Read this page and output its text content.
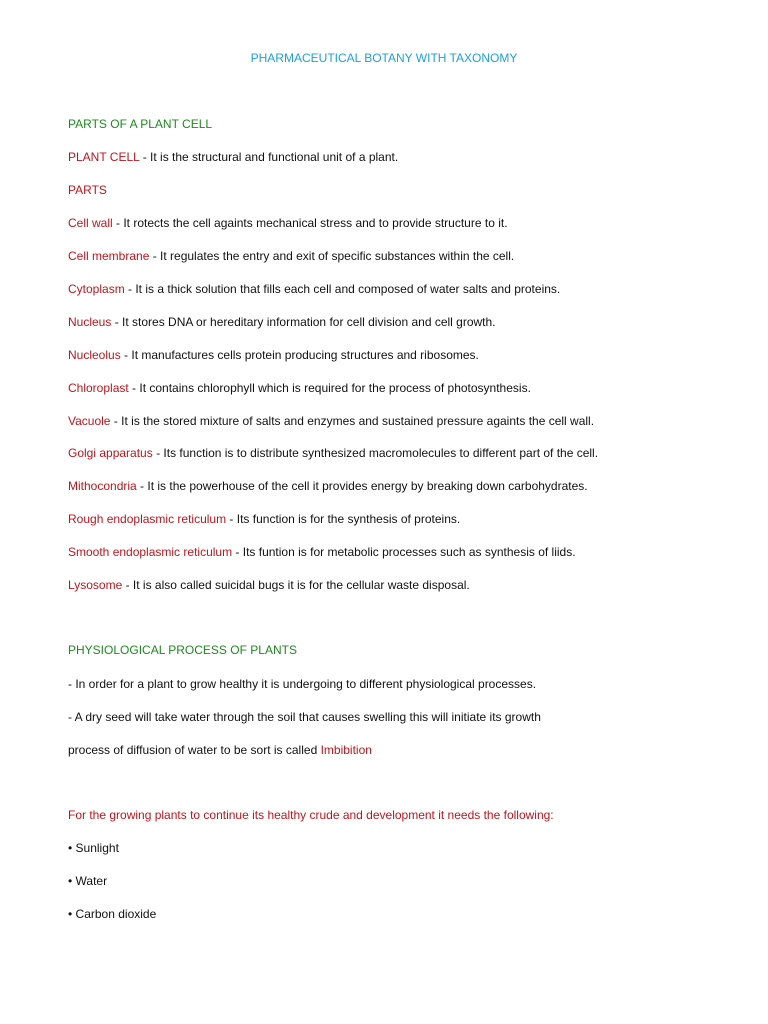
PHARMACEUTICAL BOTANY WITH TAXONOMY
PARTS OF A PLANT CELL
PLANT CELL - It is the structural and functional unit of a plant.
PARTS
Cell wall - It rotects the cell againts mechanical stress and to provide structure to it.
Cell membrane - It regulates the entry and exit of specific substances within the cell.
Cytoplasm - It is a thick solution that fills each cell and composed of water salts and proteins.
Nucleus - It stores DNA or hereditary information for cell division and cell growth.
Nucleolus - It manufactures cells protein producing structures and ribosomes.
Chloroplast - It contains chlorophyll which is required for the process of photosynthesis.
Vacuole - It is the stored mixture of salts and enzymes and sustained pressure againts the cell wall.
Golgi apparatus - Its function is to distribute synthesized macromolecules to different part of the cell.
Mithocondria - It is the powerhouse of the cell it provides energy by breaking down carbohydrates.
Rough endoplasmic reticulum - Its function is for the synthesis of proteins.
Smooth endoplasmic reticulum - Its funtion is for metabolic processes such as synthesis of liids.
Lysosome - It is also called suicidal bugs it is for the cellular waste disposal.
PHYSIOLOGICAL PROCESS OF PLANTS
- In order for a plant to grow healthy it is undergoing to different physiological processes.
- A dry seed will take water through the soil that causes swelling this will initiate its growth
process of diffusion of water to be sort is called Imbibition
For the growing plants to continue its healthy crude and development it needs the following:
• Sunlight
• Water
• Carbon dioxide
